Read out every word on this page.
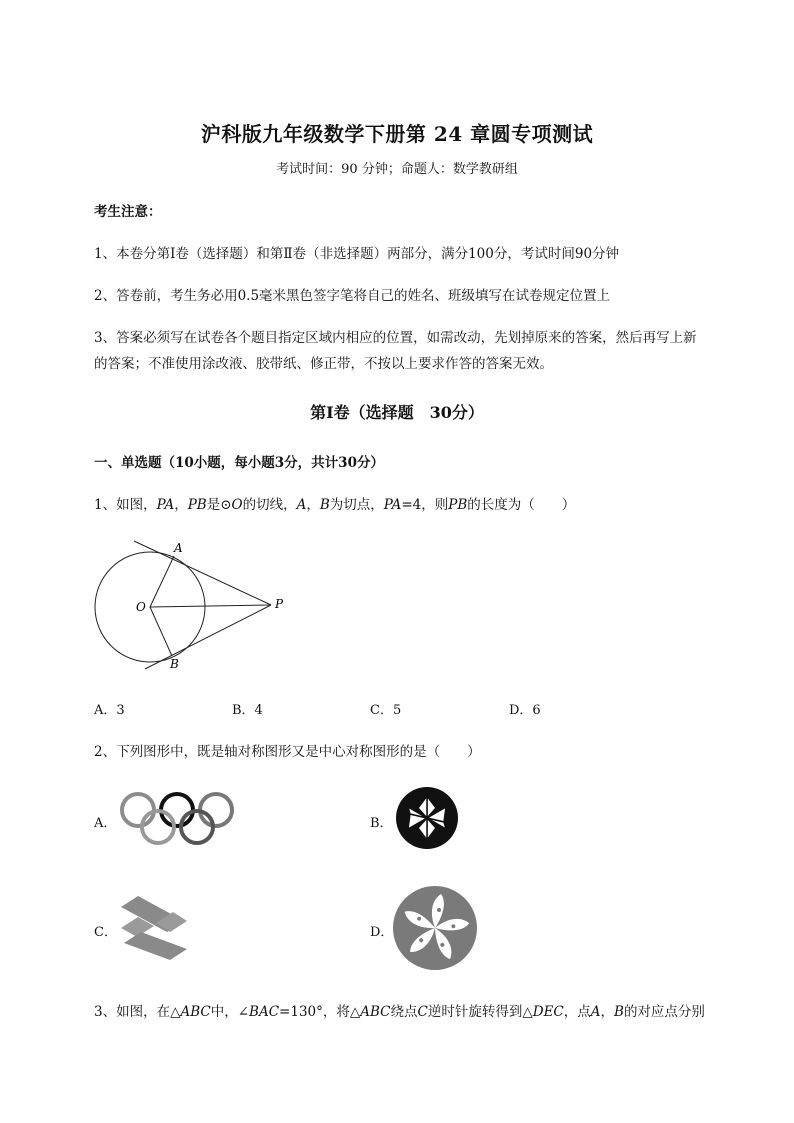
沪科版九年级数学下册第 24 章圆专项测试
考试时间：90 分钟；命题人：数学教研组
考生注意：
1、本卷分第Ⅰ卷（选择题）和第Ⅱ卷（非选择题）两部分，满分100分，考试时间90分钟
2、答卷前，考生务必用0.5毫米黑色签字笔将自己的姓名、班级填写在试卷规定位置上
3、答案必须写在试卷各个题目指定区域内相应的位置，如需改动，先划掉原来的答案，然后再写上新
的答案；不准使用涂改液、胶带纸、修正带，不按以上要求作答的答案无效。
第Ⅰ卷（选择题　30分）
一、单选题（10小题，每小题3分，共计30分）
1、如图，PA，PB是⊙O的切线，A，B为切点，PA=4，则PB的长度为（　　）
A
B
O	P
A．3	B．4	C．5	D．6
2、下列图形中，既是轴对称图形又是中心对称图形的是（　　）
A．	B．
C．	D．
3、如图，在△ABC中，∠BAC=130°，将△ABC绕点C逆时针旋转得到△DEC，点A，B的对应点分别
